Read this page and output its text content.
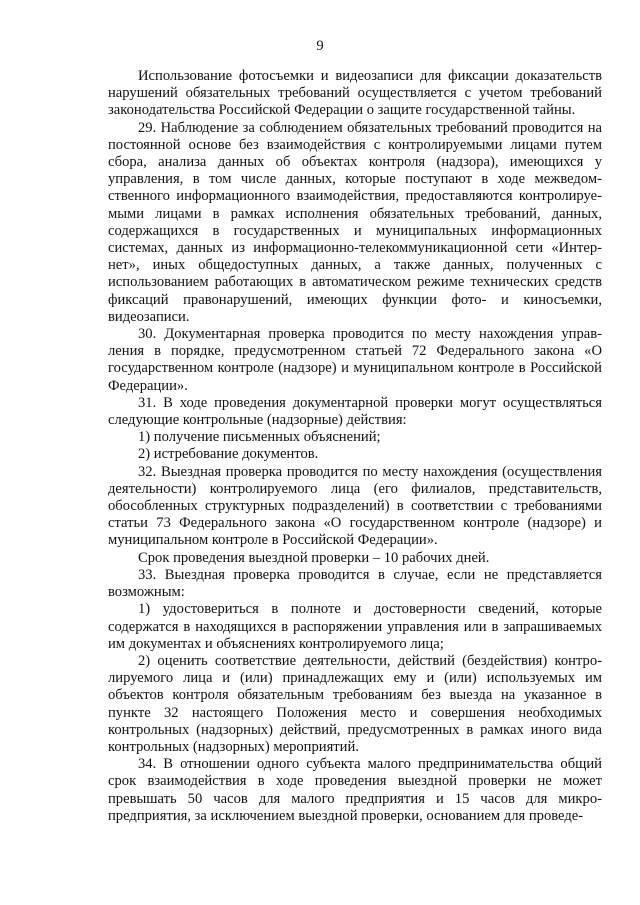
9

Использование фотосъемки и видеозаписи для фиксации доказательств нарушений обязательных требований осуществляется с учетом требований законодательства Российской Федерации о защите государственной тайны.

29. Наблюдение за соблюдением обязательных требований проводится на постоянной основе без взаимодействия с контролируемыми лицами путем сбора, анализа данных об объектах контроля (надзора), имеющихся у управления, в том числе данных, которые поступают в ходе межведомственного информационного взаимодействия, предоставляются контролируемыми лицами в рамках исполнения обязательных требований, данных, содержащихся в государственных и муниципальных информационных системах, данных из информационно-телекоммуникационной сети «Интернет», иных общедоступных данных, а также данных, полученных с использованием работающих в автоматическом режиме технических средств фиксаций правонарушений, имеющих функции фото- и киносъемки, видеозаписи.

30. Документарная проверка проводится по месту нахождения управления в порядке, предусмотренном статьей 72 Федерального закона «О государственном контроле (надзоре) и муниципальном контроле в Российской Федерации».

31. В ходе проведения документарной проверки могут осуществляться следующие контрольные (надзорные) действия:

1) получение письменных объяснений;

2) истребование документов.

32. Выездная проверка проводится по месту нахождения (осуществления деятельности) контролируемого лица (его филиалов, представительств, обособленных структурных подразделений) в соответствии с требованиями статьи 73 Федерального закона «О государственном контроле (надзоре) и муниципальном контроле в Российской Федерации».

Срок проведения выездной проверки – 10 рабочих дней.

33. Выездная проверка проводится в случае, если не представляется возможным:

1) удостовериться в полноте и достоверности сведений, которые содержатся в находящихся в распоряжении управления или в запрашиваемых им документах и объяснениях контролируемого лица;

2) оценить соответствие деятельности, действий (бездействия) контролируемого лица и (или) принадлежащих ему и (или) используемых им объектов контроля обязательным требованиям без выезда на указанное в пункте 32 настоящего Положения место и совершения необходимых контрольных (надзорных) действий, предусмотренных в рамках иного вида контрольных (надзорных) мероприятий.

34. В отношении одного субъекта малого предпринимательства общий срок взаимодействия в ходе проведения выездной проверки не может превышать 50 часов для малого предприятия и 15 часов для микропредприятия, за исключением выездной проверки, основанием для проведе-
